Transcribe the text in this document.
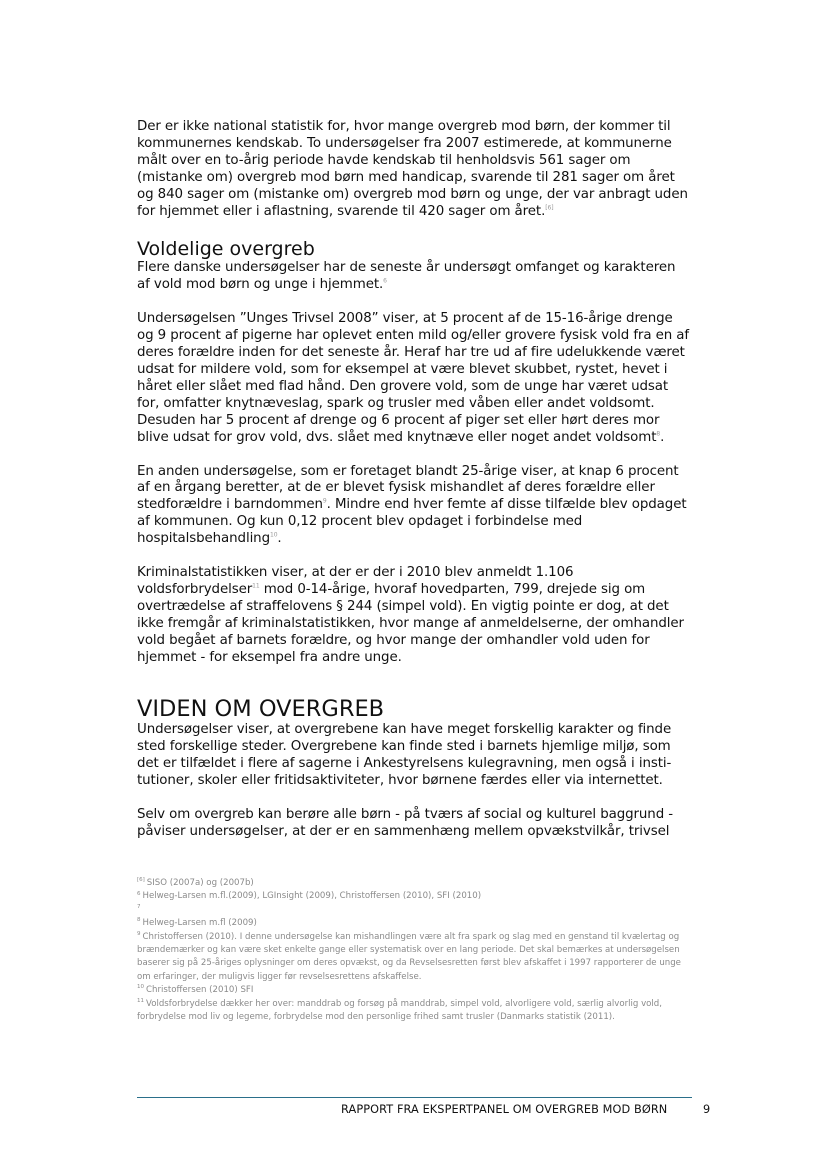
Der er ikke national statistik for, hvor mange overgreb mod børn, der kommer til kommunernes kendskab. To undersøgelser fra 2007 estimerede, at kommunerne målt over en to-årig periode havde kendskab til henholdsvis 561 sager om (mistanke om) overgreb mod børn med handicap, svarende til 281 sager om året og 840 sager om (mistanke om) overgreb mod børn og unge, der var anbragt uden for hjemmet eller i aflastning, svarende til 420 sager om året.[6]

Voldelige overgreb

Flere danske undersøgelser har de seneste år undersøgt omfanget og karakteren af vold mod børn og unge i hjemmet.$^6$

Undersøgelsen ”Unges Trivsel 2008” viser, at 5 procent af de 15-16-årige drenge og 9 procent af pigerne har oplevet enten mild og/eller grovere fysisk vold fra en af deres forældre inden for det seneste år. Heraf har tre ud af fire udelukkende været udsat for mildere vold, som for eksempel at være blevet skubbet, rystet, hevet i håret eller slået med flad hånd. Den grovere vold, som de unge har været udsat for, omfatter knytnæveslag, spark og trusler med våben eller andet voldsomt. Desuden har 5 procent af drenge og 6 procent af piger set eller hørt deres mor blive udsat for grov vold, dvs. slået med knytnæve eller noget andet voldsomt$^8$.

En anden undersøgelse, som er foretaget blandt 25-årige viser, at knap 6 procent af en årgang beretter, at de er blevet fysisk mishandlet af deres forældre eller stedforældre i barndommen$^9$. Mindre end hver femte af disse tilfælde blev opdaget af kommunen. Og kun 0,12 procent blev opdaget i forbindelse med hospitalsbehandling$^{10}$.

Kriminalstatistikken viser, at der er der i 2010 blev anmeldt 1.106 voldsforbrydelser$^{11}$ mod 0-14-årige, hvoraf hovedparten, 799, drejede sig om overtrædelse af straffelovens § 244 (simpel vold). En vigtig pointe er dog, at det ikke fremgår af kriminalstatistikken, hvor mange af anmeldelserne, der omhandler vold begået af barnets forældre, og hvor mange der omhandler vold uden for hjemmet - for eksempel fra andre unge.

VIDEN OM OVERGREB

Undersøgelser viser, at overgrebene kan have meget forskellig karakter og finde sted forskellige steder. Overgrebene kan finde sted i barnets hjemlige miljø, som det er tilfældet i flere af sagerne i Ankestyrelsens kulegravning, men også i insti-tutioner, skoler eller fritidsaktiviteter, hvor børnene færdes eller via internettet.

Selv om overgreb kan berøre alle børn - på tværs af social og kulturel baggrund - påviser undersøgelser, at der er en sammenhæng mellem opvækstvilkår, trivsel

[6] SISO (2007a) og (2007b)
$^6$ Helweg-Larsen m.fl.(2009), LGInsight (2009), Christoffersen (2010), SFI (2010)
$^7$
$^8$ Helweg-Larsen m.fl (2009)
$^9$ Christoffersen (2010). I denne undersøgelse kan mishandlingen være alt fra spark og slag med en genstand til kvælertag og brændemærker og kan være sket enkelte gange eller systematisk over en lang periode. Det skal bemærkes at undersøgelsen baserer sig på 25-åriges oplysninger om deres opvækst, og da Revselsesretten først blev afskaffet i 1997 rapporterer de unge om erfaringer, der muligvis ligger før revselsesrettens afskaffelse.
$^{10}$ Christoffersen (2010) SFI
$^{11}$ Voldsforbrydelse dækker her over: manddrab og forsøg på manddrab, simpel vold, alvorligere vold, særlig alvorlig vold, forbrydelse mod liv og legeme, forbrydelse mod den personlige frihed samt trusler (Danmarks statistik (2011).
RAPPORT FRA EKSPERTPANEL OM OVERGREB MOD BØRN	9
